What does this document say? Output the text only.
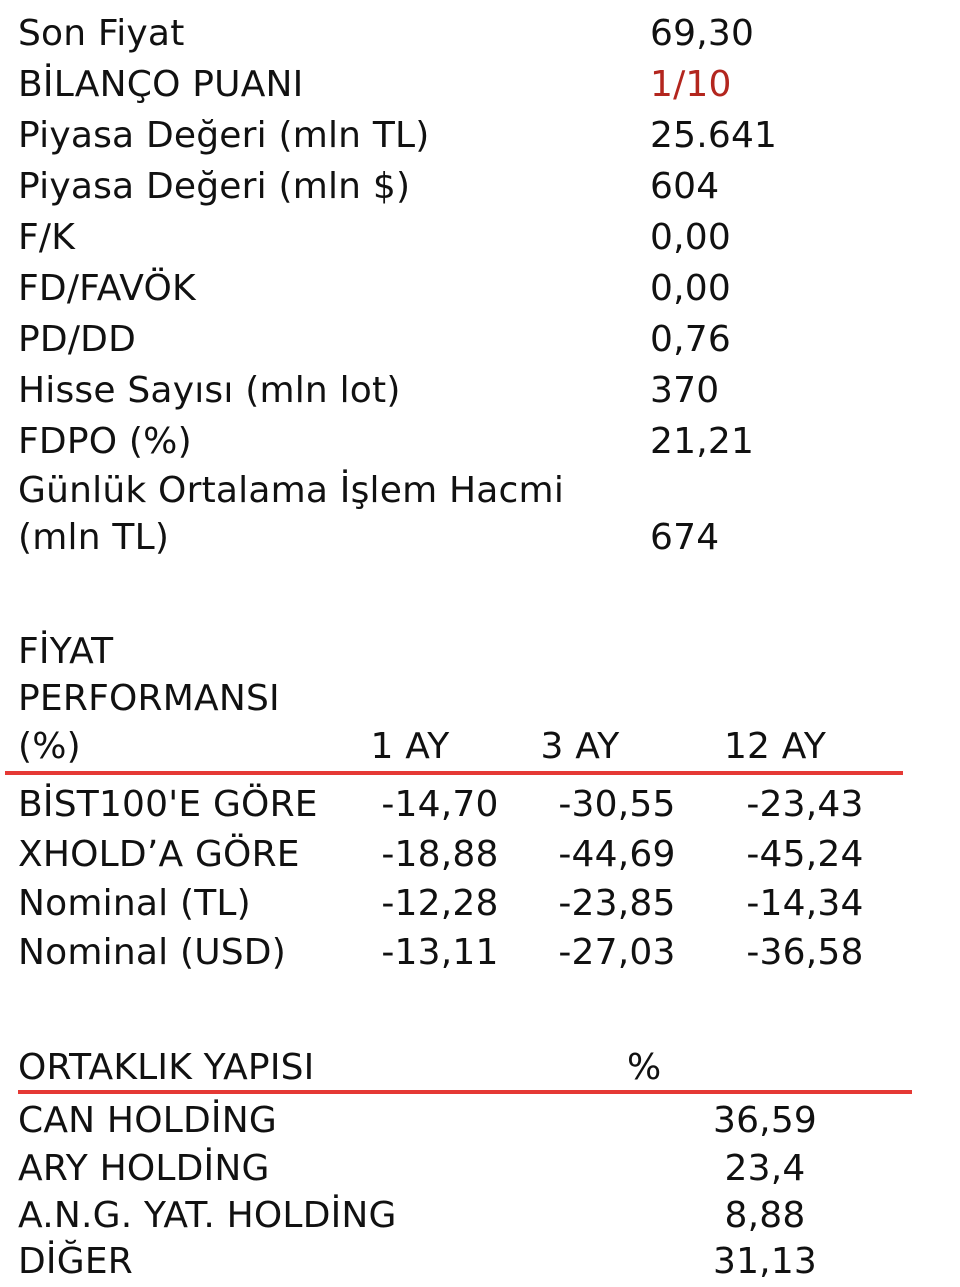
Son Fiyat	69,30
BİLANÇO PUANI	1/10
Piyasa Değeri (mln TL)	25.641
Piyasa Değeri (mln $)	604
F/K	0,00
FD/FAVÖK	0,00
PD/DD	0,76
Hisse Sayısı (mln lot)	370
FDPO (%)	21,21
Günlük Ortalama İşlem Hacmi
(mln TL)	674
FİYAT
PERFORMANSI
(%)	1 AY	3 AY	12 AY
BİST100'E GÖRE	-14,70	-30,55	-23,43
XHOLD’A GÖRE	-18,88	-44,69	-45,24
Nominal (TL)	-12,28	-23,85	-14,34
Nominal (USD)	-13,11	-27,03	-36,58
ORTAKLIK YAPISI	%
CAN HOLDİNG	36,59
ARY HOLDİNG	23,4
A.N.G. YAT. HOLDİNG	8,88
DİĞER	31,13
